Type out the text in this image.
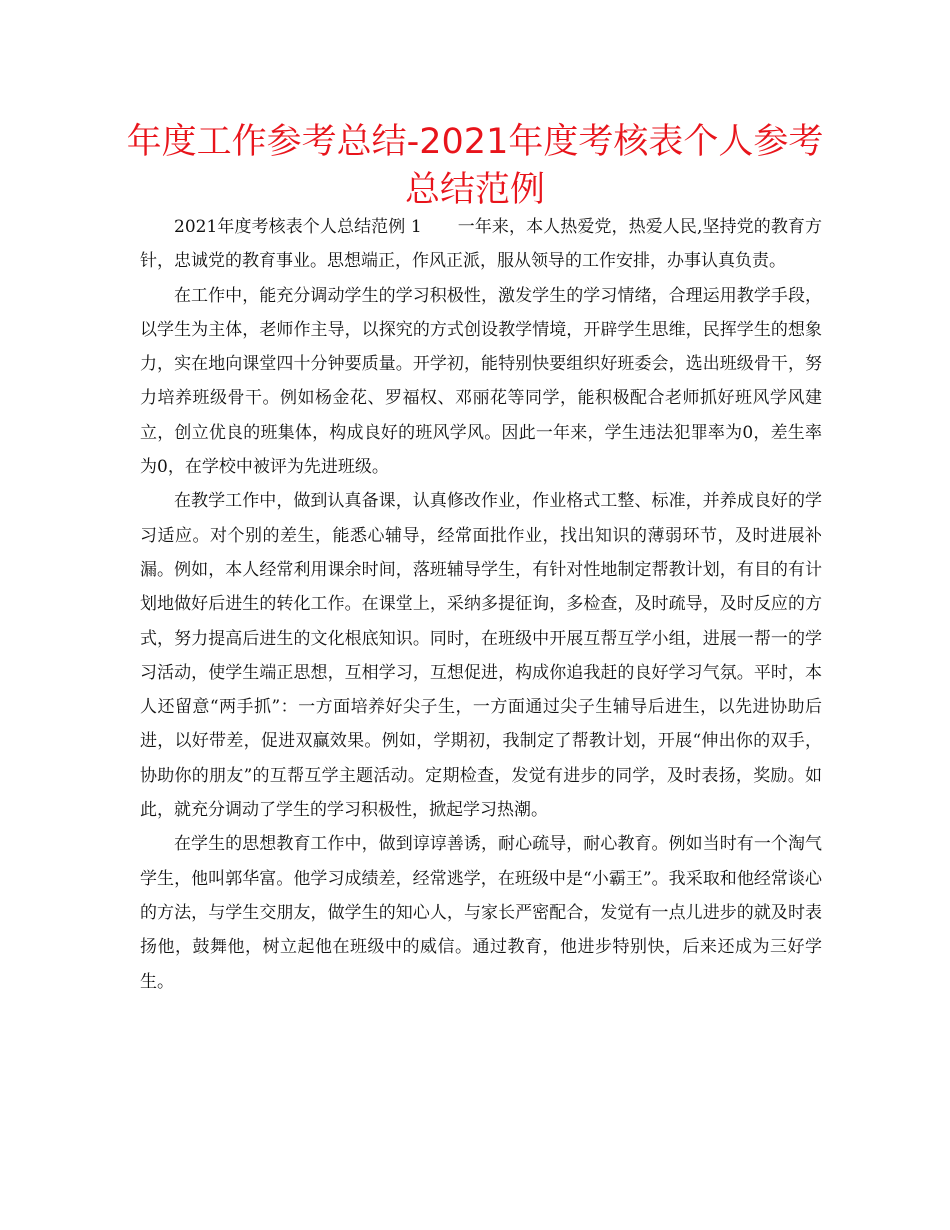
年度工作参考总结-2021年度考核表个人参考总结范例

2021年度考核表个人总结范例 1 一年来，本人热爱党，热爱人民,坚持党的教育方针，忠诚党的教育事业。思想端正，作风正派，服从领导的工作安排，办事认真负责。

在工作中，能充分调动学生的学习积极性，激发学生的学习情绪，合理运用教学手段，以学生为主体，老师作主导，以探究的方式创设教学情境，开辟学生思维，民挥学生的想象力，实在地向课堂四十分钟要质量。开学初，能特别快要组织好班委会，选出班级骨干，努力培养班级骨干。例如杨金花、罗福权、邓丽花等同学，能积极配合老师抓好班风学风建立，创立优良的班集体，构成良好的班风学风。因此一年来，学生违法犯罪率为0，差生率为0，在学校中被评为先进班级。

在教学工作中，做到认真备课，认真修改作业，作业格式工整、标准，并养成良好的学习适应。对个别的差生，能悉心辅导，经常面批作业，找出知识的薄弱环节，及时进展补漏。例如，本人经常利用课余时间，落班辅导学生，有针对性地制定帮教计划，有目的有计划地做好后进生的转化工作。在课堂上，采纳多提征询，多检查，及时疏导，及时反应的方式，努力提高后进生的文化根底知识。同时，在班级中开展互帮互学小组，进展一帮一的学习活动，使学生端正思想，互相学习，互想促进，构成你追我赶的良好学习气氛。平时，本人还留意“两手抓”：一方面培养好尖子生，一方面通过尖子生辅导后进生，以先进协助后进，以好带差，促进双赢效果。例如，学期初，我制定了帮教计划，开展“伸出你的双手，协助你的朋友”的互帮互学主题活动。定期检查，发觉有进步的同学，及时表扬，奖励。如此，就充分调动了学生的学习积极性，掀起学习热潮。

在学生的思想教育工作中，做到谆谆善诱，耐心疏导，耐心教育。例如当时有一个淘气学生，他叫郭华富。他学习成绩差，经常逃学，在班级中是“小霸王”。我采取和他经常谈心的方法，与学生交朋友，做学生的知心人，与家长严密配合，发觉有一点儿进步的就及时表扬他，鼓舞他，树立起他在班级中的威信。通过教育，他进步特别快，后来还成为三好学生。
